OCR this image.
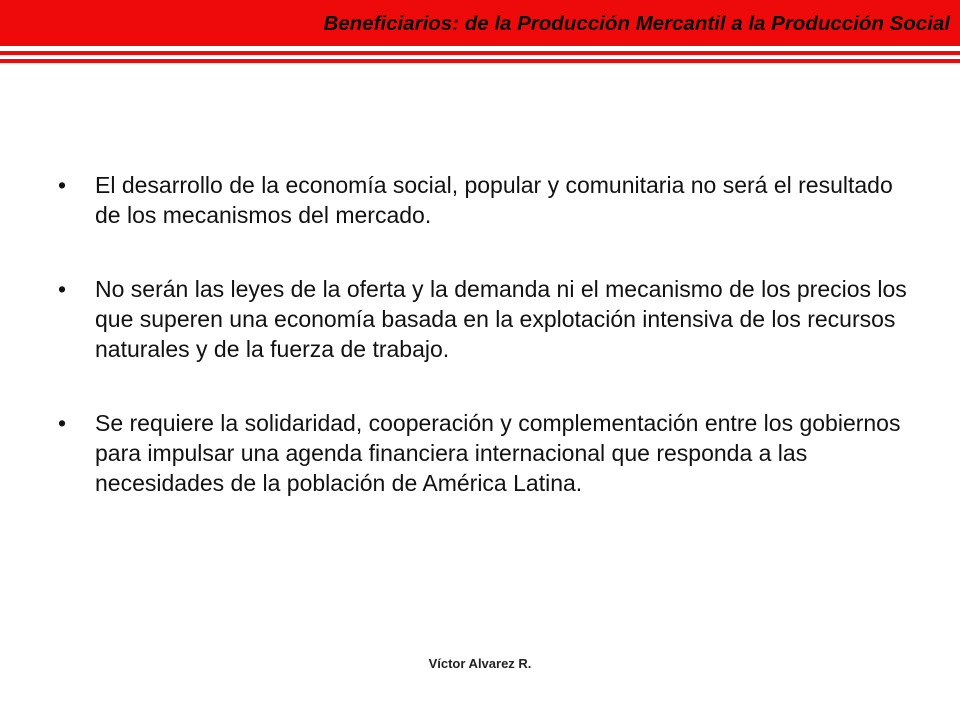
Beneficiarios: de la Producción Mercantil a la Producción Social
•	El desarrollo de la economía social, popular y comunitaria no será el resultado de los mecanismos del mercado.
•	No serán las leyes de la oferta y la demanda ni el mecanismo de los precios los que superen una economía basada en la explotación intensiva de los recursos naturales y de la fuerza de trabajo.
•	Se requiere la solidaridad, cooperación y complementación entre los gobiernos para impulsar una agenda financiera internacional que responda a las necesidades de la población de América Latina.
Víctor Alvarez R.
